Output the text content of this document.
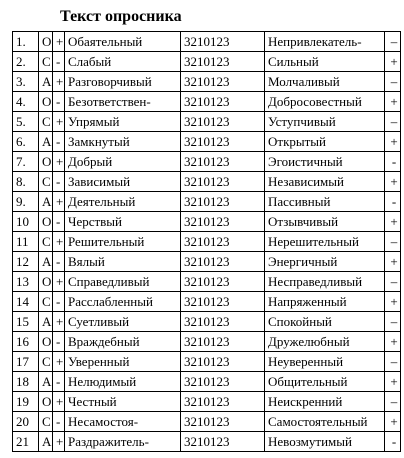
Текст опросника
1.	О	+	Обаятельный	3210123	Непривлекатель-	–
2.	С	-	Слабый	3210123	Сильный	+
3.	А	+	Разговорчивый	3210123	Молчаливый	–
4.	О	-	Безответствен-	3210123	Добросовестный	+
5.	С	+	Упрямый	3210123	Уступчивый	–
6.	А	-	Замкнутый	3210123	Открытый	+
7.	О	+	Добрый	3210123	Эгоистичный	-
8.	С	-	Зависимый	3210123	Независимый	+
9.	А	+	Деятельный	3210123	Пассивный	-
10	О	-	Черствый	3210123	Отзывчивый	+
11	С	+	Решительный	3210123	Нерешительный	–
12	А	-	Вялый	3210123	Энергичный	+
13	О	+	Справедливый	3210123	Несправедливый	–
14	С	-	Расслабленный	3210123	Напряженный	+
15	А	+	Суетливый	3210123	Спокойный	–
16	О	-	Враждебный	3210123	Дружелюбный	+
17	С	+	Уверенный	3210123	Неуверенный	–
18	А	-	Нелюдимый	3210123	Общительный	+
19	О	+	Честный	3210123	Неискренний	–
20	С	-	Несамостоя-	3210123	Самостоятельный	+
21	А	+	Раздражитель-	3210123	Невозмутимый	-
